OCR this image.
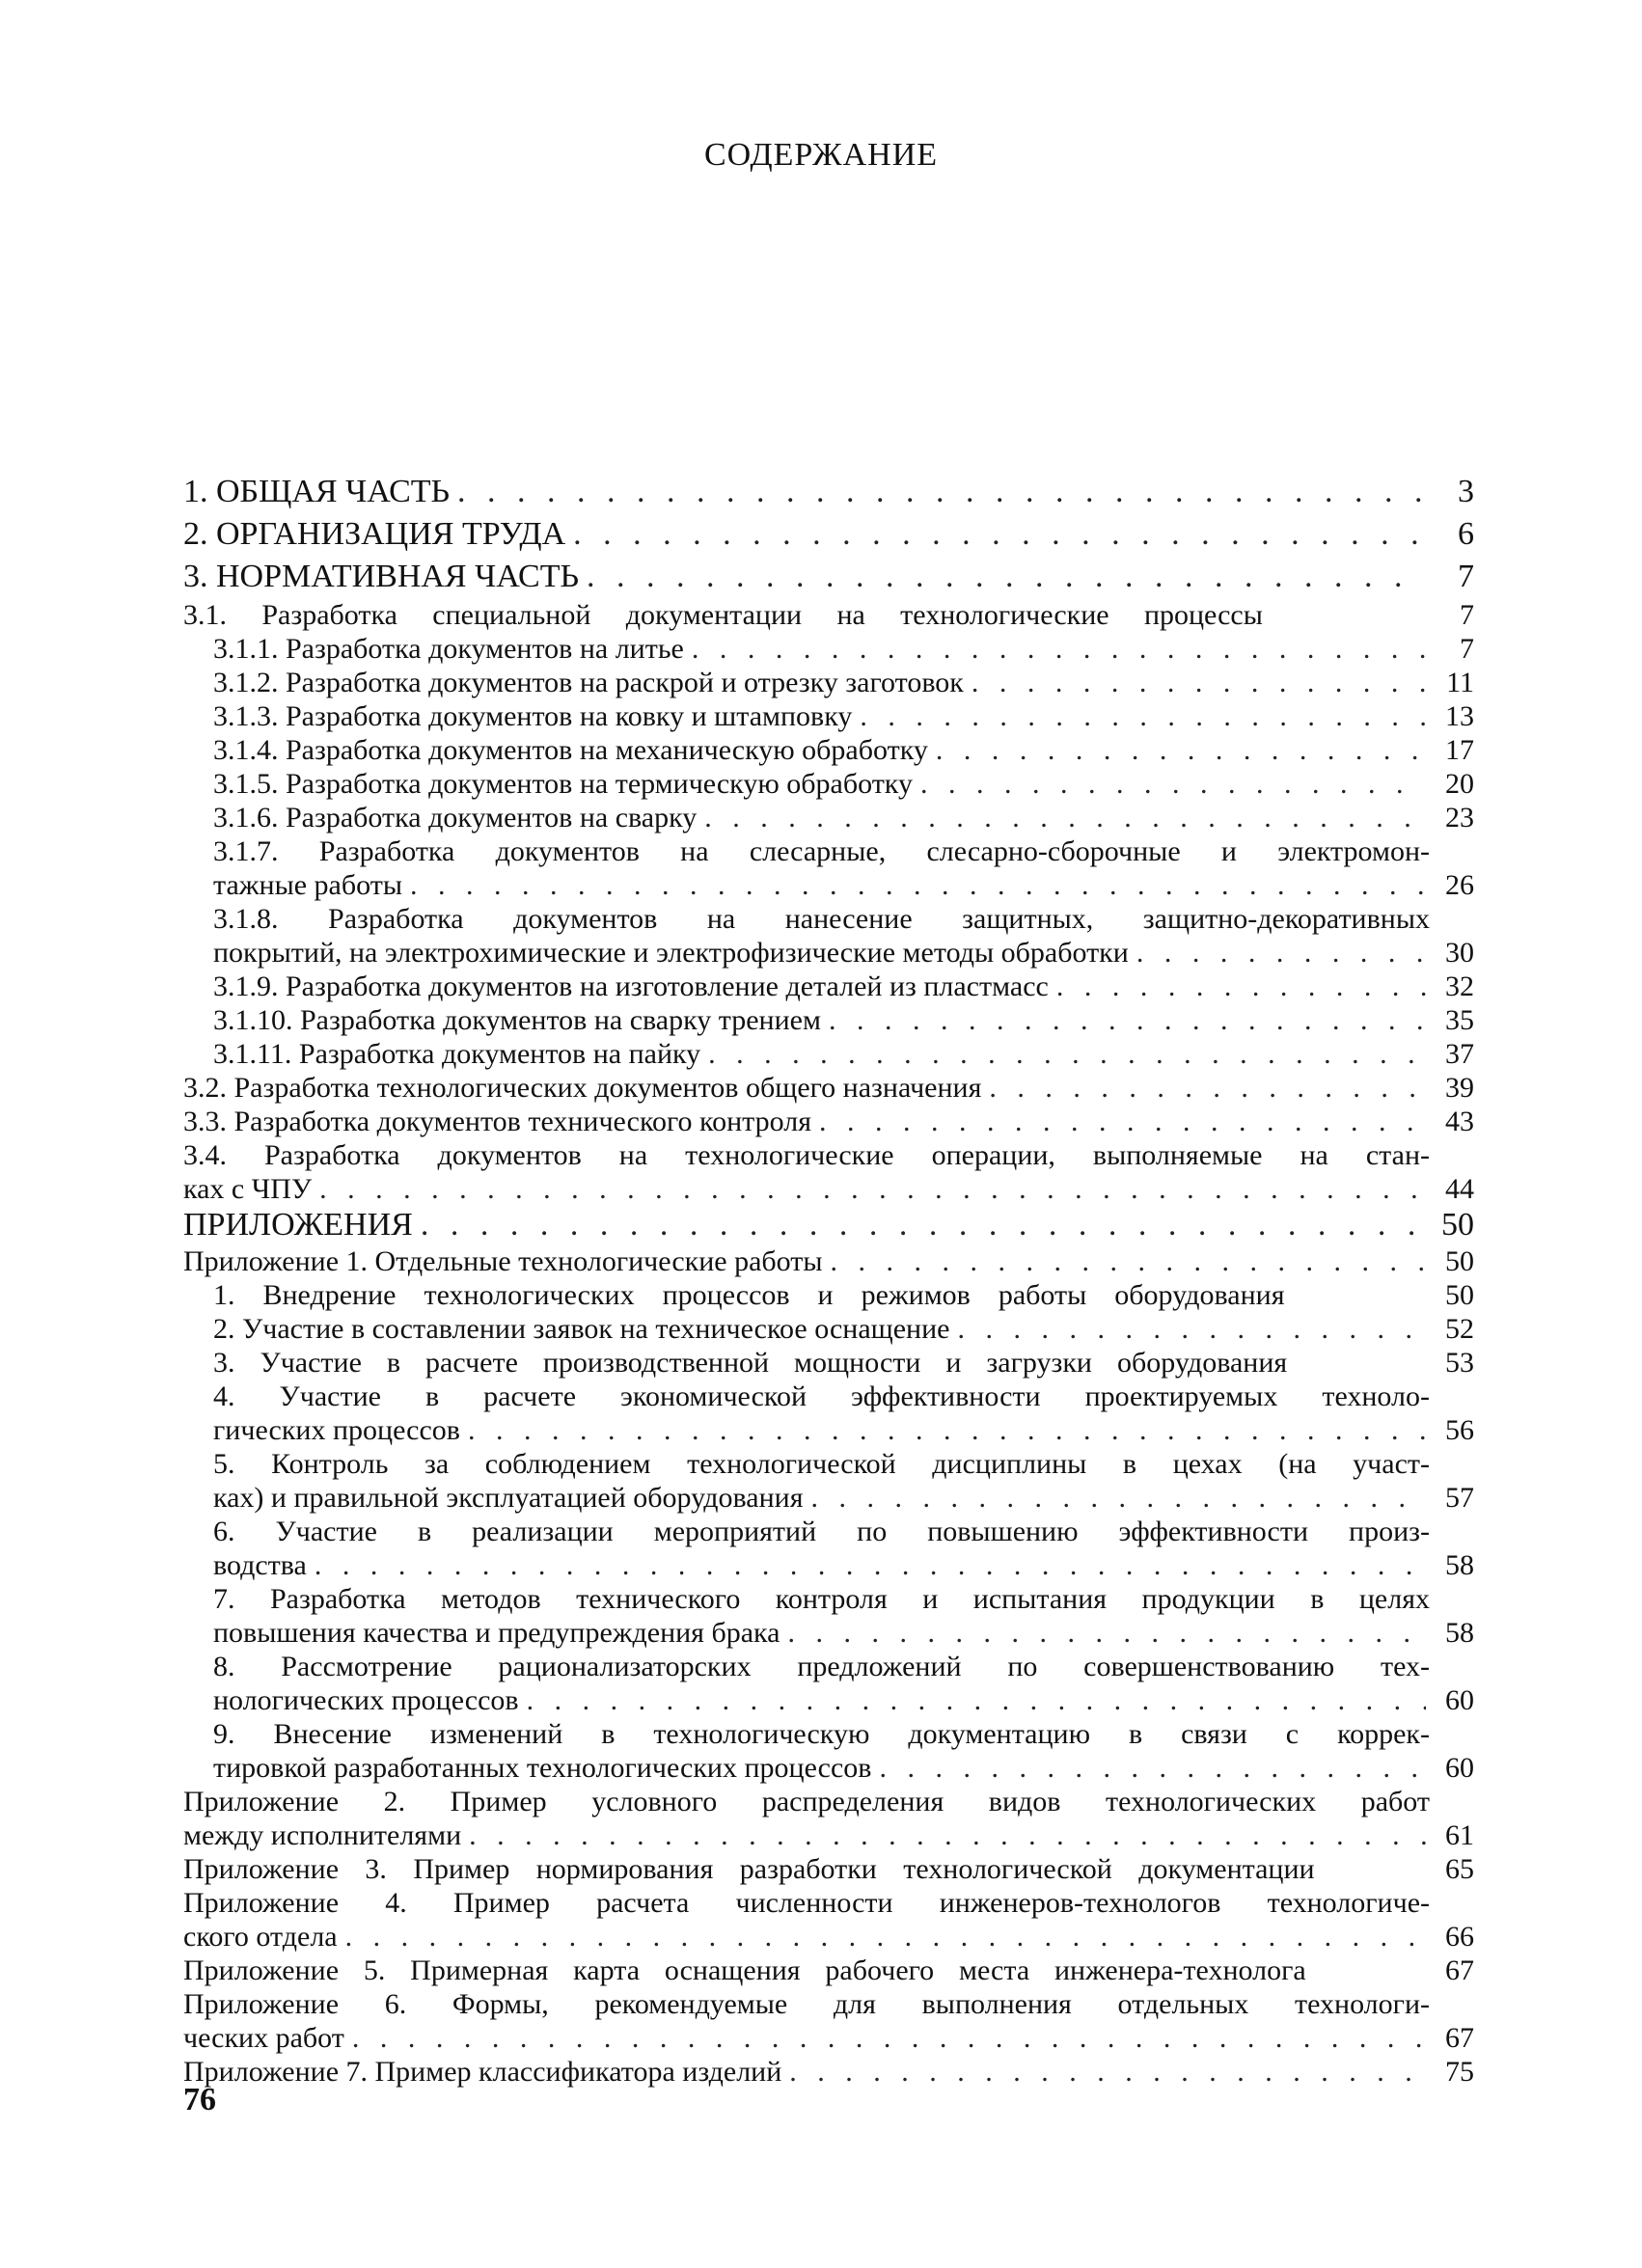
СОДЕРЖАНИЕ
1. ОБЩАЯ ЧАСТЬ . . .	3
2. ОРГАНИЗАЦИЯ ТРУДА . . .	6
3. НОРМАТИВНАЯ ЧАСТЬ . . .	7
3.1. Разработка специальной документации на технологические процессы	7
3.1.1. Разработка документов на литье . . .	7
3.1.2. Разработка документов на раскрой и отрезку заготовок . . .	11
3.1.3. Разработка документов на ковку и штамповку . . .	13
3.1.4. Разработка документов на механическую обработку . . .	17
3.1.5. Разработка документов на термическую обработку . . .	20
3.1.6. Разработка документов на сварку . . .	23
3.1.7. Разработка документов на слесарные, слесарно-сборочные и электромон-
тажные работы . . .	26
3.1.8. Разработка документов на нанесение защитных, защитно-декоративных
покрытий, на электрохимические и электрофизические методы обработки . . .	30
3.1.9. Разработка документов на изготовление деталей из пластмасс . . .	32
3.1.10. Разработка документов на сварку трением . . .	35
3.1.11. Разработка документов на пайку . . .	37
3.2. Разработка технологических документов общего назначения . . .	39
3.3. Разработка документов технического контроля . . .	43
3.4. Разработка документов на технологические операции, выполняемые на стан-
ках с ЧПУ . . .	44
ПРИЛОЖЕНИЯ . . .	50
Приложение 1. Отдельные технологические работы . . .	50
1. Внедрение технологических процессов и режимов работы оборудования	50
2. Участие в составлении заявок на техническое оснащение . . .	52
3. Участие в расчете производственной мощности и загрузки оборудования	53
4. Участие в расчете экономической эффективности проектируемых техноло-
гических процессов . . .	56
5. Контроль за соблюдением технологической дисциплины в цехах (на участ-
ках) и правильной эксплуатацией оборудования . . .	57
6. Участие в реализации мероприятий по повышению эффективности произ-
водства . . .	58
7. Разработка методов технического контроля и испытания продукции в целях
повышения качества и предупреждения брака . . .	58
8. Рассмотрение рационализаторских предложений по совершенствованию тех-
нологических процессов . . .	60
9. Внесение изменений в технологическую документацию в связи с коррек-
тировкой разработанных технологических процессов . . .	60
Приложение 2. Пример условного распределения видов технологических работ
между исполнителями . . .	61
Приложение 3. Пример нормирования разработки технологической документации	65
Приложение 4. Пример расчета численности инженеров-технологов технологиче-
ского отдела . . .	66
Приложение 5. Примерная карта оснащения рабочего места инженера-технолога	67
Приложение 6. Формы, рекомендуемые для выполнения отдельных технологи-
ческих работ . . .	67
Приложение 7. Пример классификатора изделий . . .	75
76
